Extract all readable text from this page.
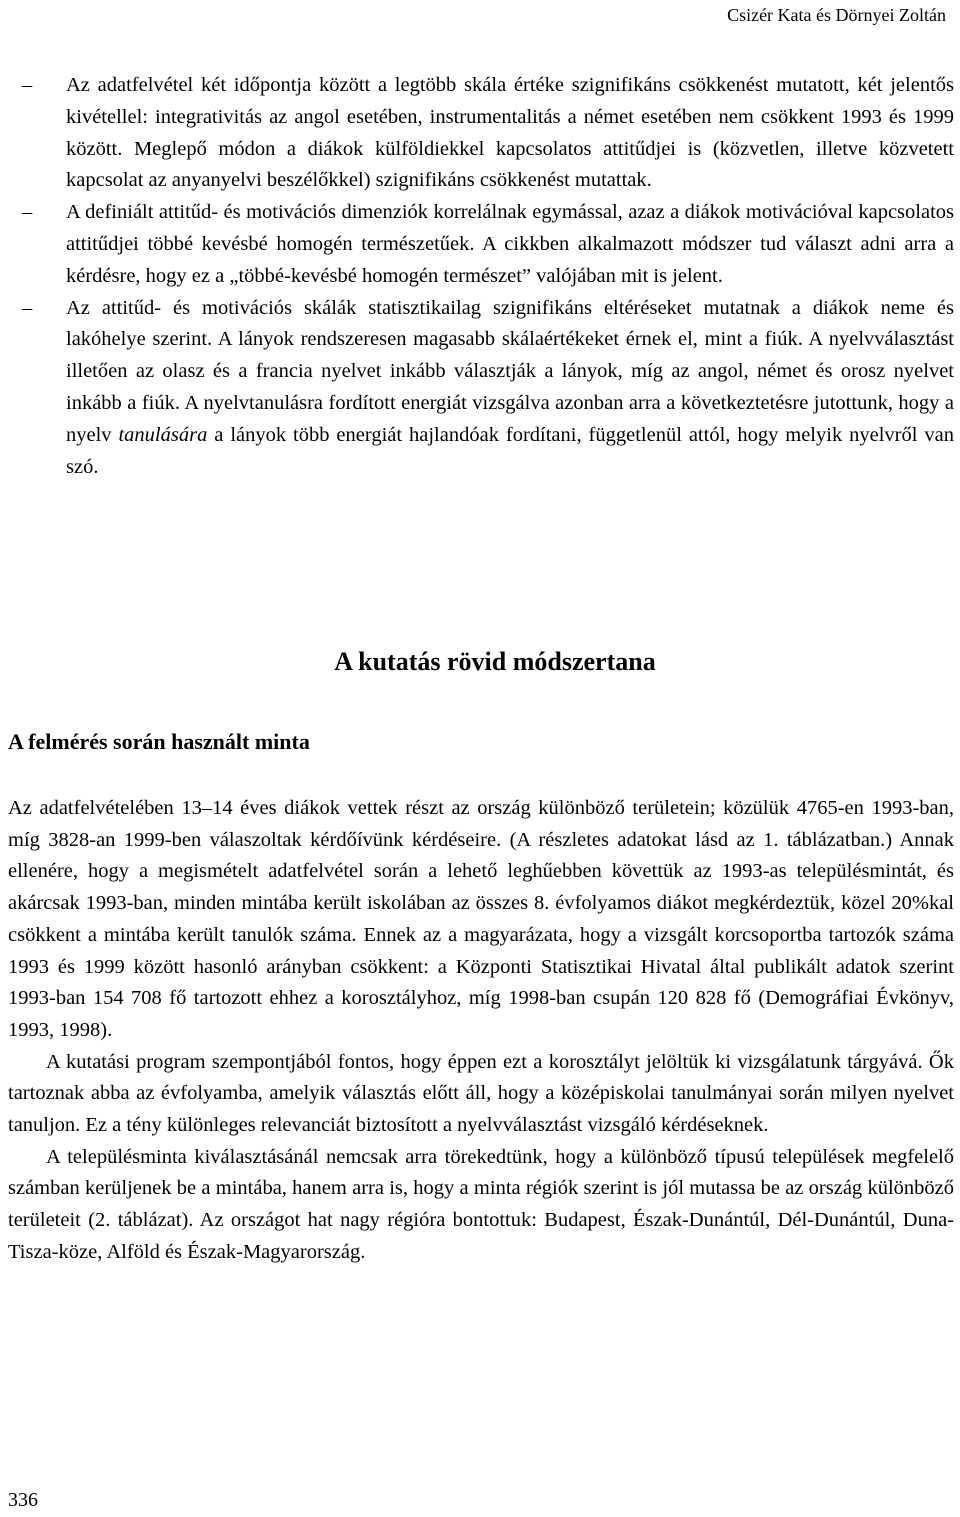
Csizér Kata és Dörnyei Zoltán

– Az adatfelvétel két időpontja között a legtöbb skála értéke szignifikáns csökkenést mutatott, két jelentős kivétellel: integrativitás az angol esetében, instrumentalitás a német esetében nem csökkent 1993 és 1999 között. Meglepő módon a diákok külföldiekkel kapcsolatos attitűdjei is (közvetlen, illetve közvetett kapcsolat az anyanyelvi beszélőkkel) szignifikáns csökkenést mutattak.
– A definiált attitűd- és motivációs dimenziók korrelálnak egymással, azaz a diákok motivációval kapcsolatos attitűdjei többé kevésbé homogén természetűek. A cikkben alkalmazott módszer tud választ adni arra a kérdésre, hogy ez a „többé-kevésbé homogén természet” valójában mit is jelent.
– Az attitűd- és motivációs skálák statisztikailag szignifikáns eltéréseket mutatnak a diákok neme és lakóhelye szerint. A lányok rendszeresen magasabb skálaértékeket érnek el, mint a fiúk. A nyelvválasztást illetően az olasz és a francia nyelvet inkább választják a lányok, míg az angol, német és orosz nyelvet inkább a fiúk. A nyelvtanulásra fordított energiát vizsgálva azonban arra a következtetésre jutottunk, hogy a nyelv tanulására a lányok több energiát hajlandóak fordítani, függetlenül attól, hogy melyik nyelvről van szó.
A kutatás rövid módszertana
A felmérés során használt minta

Az adatfelvételében 13–14 éves diákok vettek részt az ország különböző területein; közülük 4765-en 1993-ban, míg 3828-an 1999-ben válaszoltak kérdőívünk kérdéseire. (A részletes adatokat lásd az 1. táblázatban.) Annak ellenére, hogy a megismételt adatfelvétel során a lehető leghűebben követtük az 1993-as településmintát, és akárcsak 1993-ban, minden mintába került iskolában az összes 8. évfolyamos diákot megkérdeztük, közel 20%kal csökkent a mintába került tanulók száma. Ennek az a magyarázata, hogy a vizsgált korcsoportba tartozók száma 1993 és 1999 között hasonló arányban csökkent: a Központi Statisztikai Hivatal által publikált adatok szerint 1993-ban 154 708 fő tartozott ehhez a korosztályhoz, míg 1998-ban csupán 120 828 fő (Demográfiai Évkönyv, 1993, 1998).

A kutatási program szempontjából fontos, hogy éppen ezt a korosztályt jelöltük ki vizsgálatunk tárgyává. Ők tartoznak abba az évfolyamba, amelyik választás előtt áll, hogy a középiskolai tanulmányai során milyen nyelvet tanuljon. Ez a tény különleges relevanciát biztosított a nyelvválasztást vizsgáló kérdéseknek.

A településminta kiválasztásánál nemcsak arra törekedtünk, hogy a különböző típusú települések megfelelő számban kerüljenek be a mintába, hanem arra is, hogy a minta régiók szerint is jól mutassa be az ország különböző területeit (2. táblázat). Az országot hat nagy régióra bontottuk: Budapest, Észak-Dunántúl, Dél-Dunántúl, Duna-Tisza-köze, Alföld és Észak-Magyarország.

336
